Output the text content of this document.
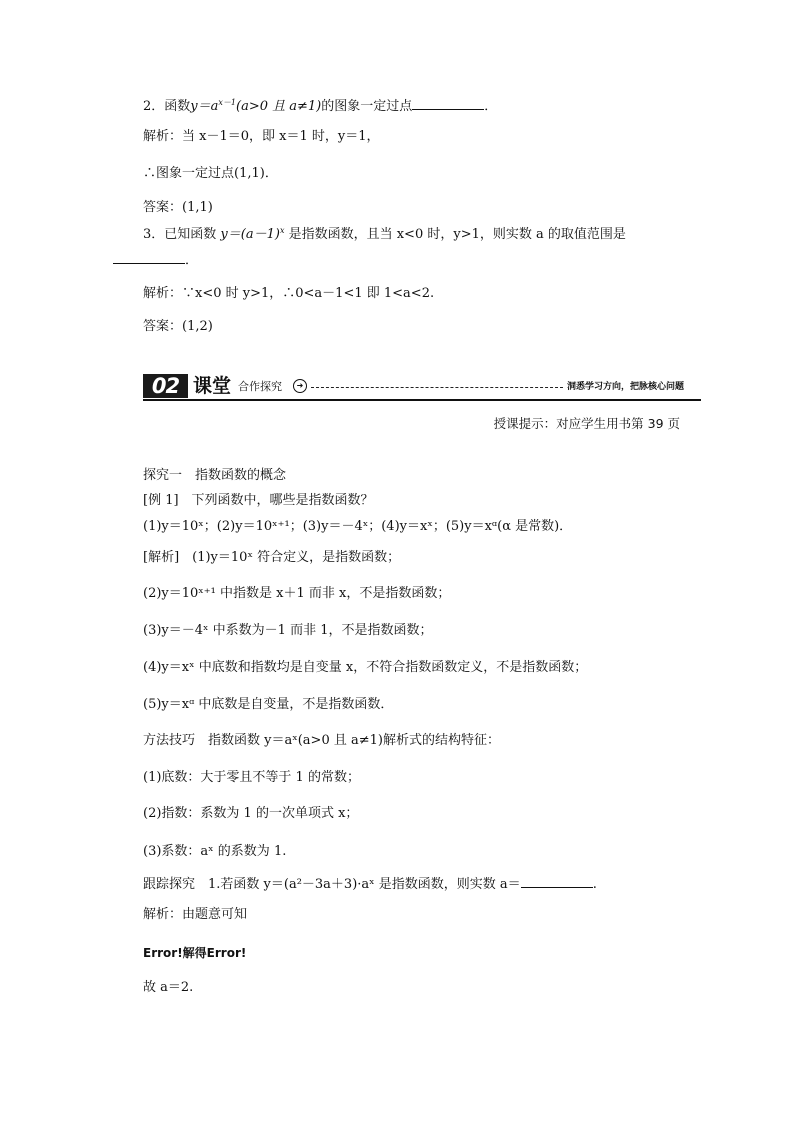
2．函数$y=a^{x-1}(a>0$ 且 a≠1)的图象一定过点	．
解析：当 x－1＝0，即 x＝1 时，y＝1，
∴图象一定过点(1,1)．
答案：(1,1)
3．已知函数 $y=(a-1)^x$ 是指数函数，且当 x<0 时，y>1，则实数 a 的取值范围是
．
解析：∵x<0 时 y>1，∴0<a－1<1 即 1<a<2.
答案：(1,2)
02 课堂 合作探究	➜	洞悉学习方向，把脉核心问题
授课提示：对应学生用书第 39 页
探究一　指数函数的概念
[例 1]　下列函数中，哪些是指数函数？
(1)y＝10ˣ；(2)y＝10ˣ⁺¹；(3)y＝－4ˣ；(4)y＝xˣ；(5)y＝xᵅ(α 是常数)．
[解析]　(1)y＝10ˣ 符合定义，是指数函数；
(2)y＝10ˣ⁺¹ 中指数是 x＋1 而非 x，不是指数函数；
(3)y＝－4ˣ 中系数为－1 而非 1，不是指数函数；
(4)y＝xˣ 中底数和指数均是自变量 x，不符合指数函数定义，不是指数函数；
(5)y＝xᵅ 中底数是自变量，不是指数函数．
方法技巧　指数函数 y＝aˣ(a>0 且 a≠1)解析式的结构特征：
(1)底数：大于零且不等于 1 的常数；
(2)指数：系数为 1 的一次单项式 x；
(3)系数：aˣ 的系数为 1.
跟踪探究　1.若函数 y＝(a²－3a＋3)·aˣ 是指数函数，则实数 a＝	.
解析：由题意可知
Error!解得Error!
故 a＝2.
